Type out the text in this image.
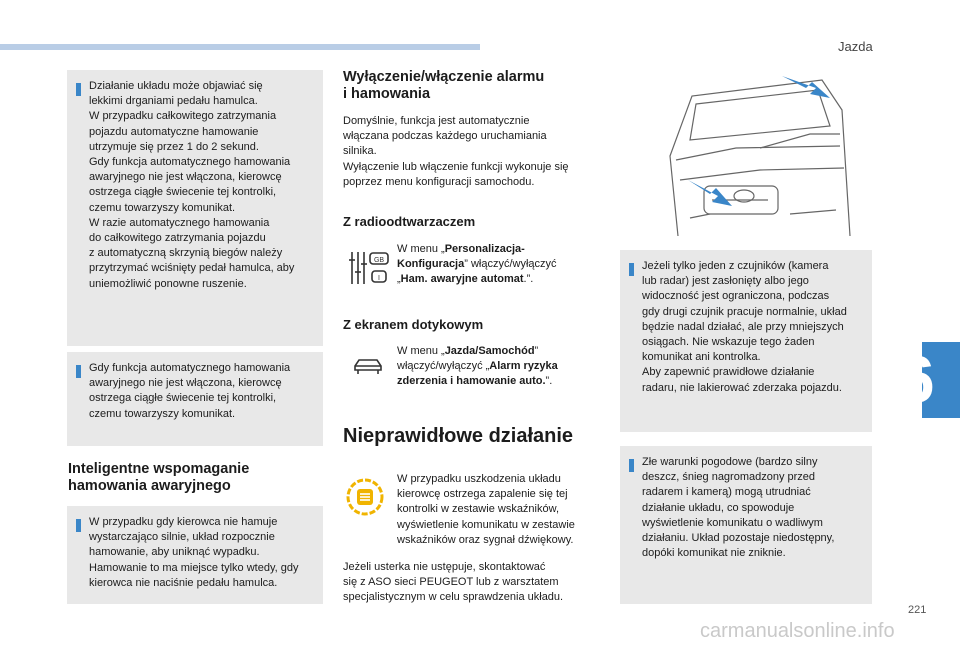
Jazda
6

Działanie układu może objawiać się
lekkimi drganiami pedału hamulca.
W przypadku całkowitego zatrzymania
pojazdu automatyczne hamowanie
utrzymuje się przez 1 do 2 sekund.
Gdy funkcja automatycznego hamowania
awaryjnego nie jest włączona, kierowcę
ostrzega ciągłe świecenie tej kontrolki,
czemu towarzyszy komunikat.
W razie automatycznego hamowania
do całkowitego zatrzymania pojazdu
z automatyczną skrzynią biegów należy
przytrzymać wciśnięty pedał hamulca, aby
uniemożliwić ponowne ruszenie.

Gdy funkcja automatycznego hamowania
awaryjnego nie jest włączona, kierowcę
ostrzega ciągłe świecenie tej kontrolki,
czemu towarzyszy komunikat.

Inteligentne wspomaganie
hamowania awaryjnego

W przypadku gdy kierowca nie hamuje
wystarczająco silnie, układ rozpocznie
hamowanie, aby uniknąć wypadku.
Hamowanie to ma miejsce tylko wtedy, gdy
kierowca nie naciśnie pedału hamulca.

Wyłączenie/włączenie alarmu
i hamowania

Domyślnie, funkcja jest automatycznie
włączana podczas każdego uruchamiania
silnika.
Wyłączenie lub włączenie funkcji wykonuje się
poprzez menu konfiguracji samochodu.

Z radioodtwarzaczem
GB
I

W menu „Personalizacja-
Konfiguracja” włączyć/wyłączyć
„Ham. awaryjne automat.”.

Z ekranem dotykowym

W menu „Jazda/Samochód”
włączyć/wyłączyć „Alarm ryzyka
zderzenia i hamowanie auto.”.

Nieprawidłowe działanie

W przypadku uszkodzenia układu
kierowcę ostrzega zapalenie się tej
kontrolki w zestawie wskaźników,
wyświetlenie komunikatu w zestawie
wskaźników oraz sygnał dźwiękowy.

Jeżeli usterka nie ustępuje, skontaktować
się z ASO sieci PEUGEOT lub z warsztatem
specjalistycznym w celu sprawdzenia układu.

Jeżeli tylko jeden z czujników (kamera
lub radar) jest zasłonięty albo jego
widoczność jest ograniczona, podczas
gdy drugi czujnik pracuje normalnie, układ
będzie nadal działać, ale przy mniejszych
osiągach. Nie wskazuje tego żaden
komunikat ani kontrolka.
Aby zapewnić prawidłowe działanie
radaru, nie lakierować zderzaka pojazdu.

Złe warunki pogodowe (bardzo silny
deszcz, śnieg nagromadzony przed
radarem i kamerą) mogą utrudniać
działanie układu, co spowoduje
wyświetlenie komunikatu o wadliwym
działaniu. Układ pozostaje niedostępny,
dopóki komunikat nie zniknie.

221
carmanualsonline.info
